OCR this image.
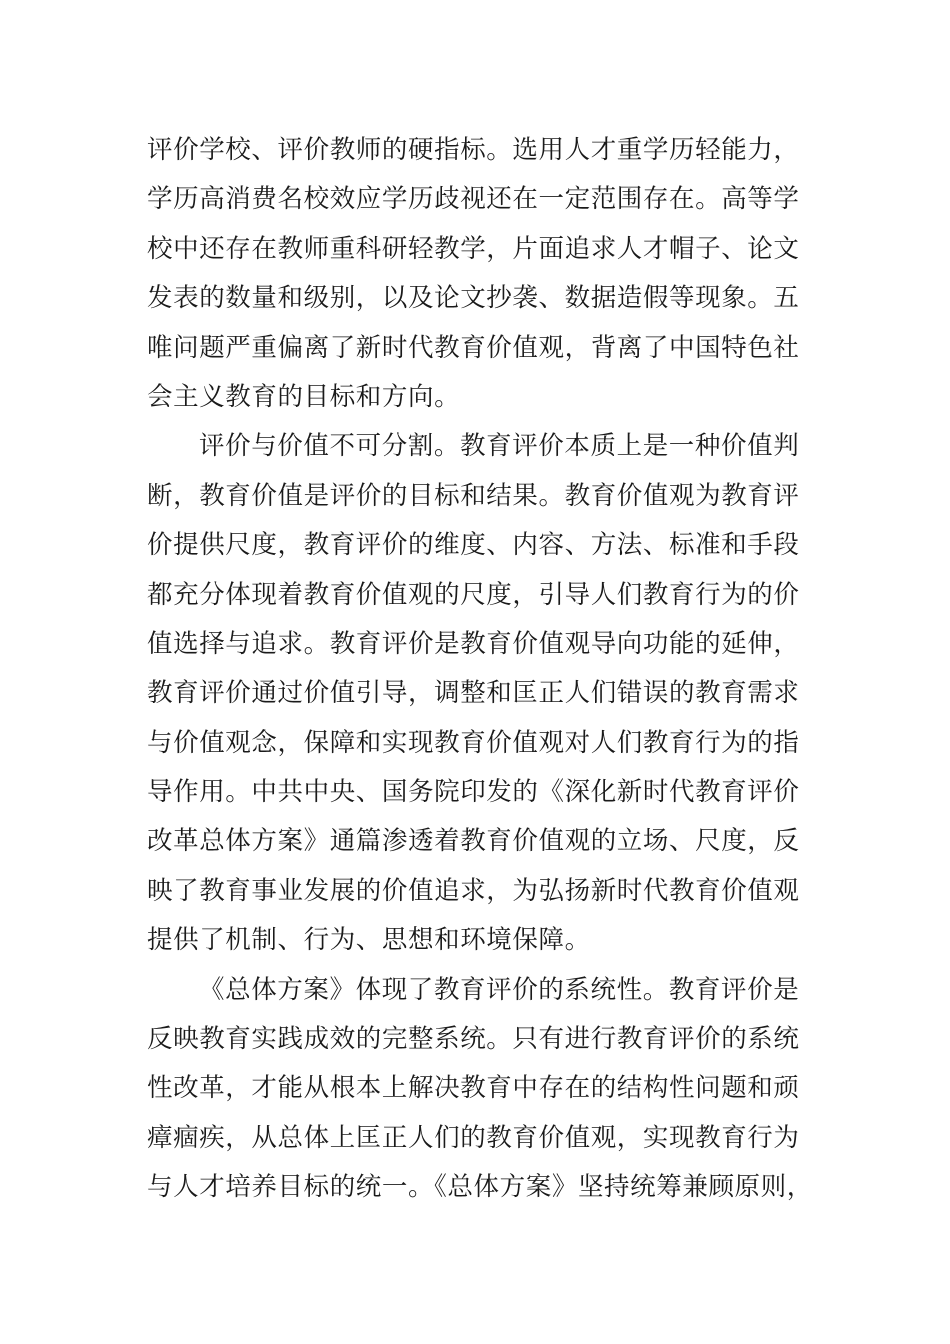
评价学校、评价教师的硬指标。选用人才重学历轻能力，
学历高消费名校效应学历歧视还在一定范围存在。高等学
校中还存在教师重科研轻教学，片面追求人才帽子、论文
发表的数量和级别，以及论文抄袭、数据造假等现象。五
唯问题严重偏离了新时代教育价值观，背离了中国特色社
会主义教育的目标和方向。
评价与价值不可分割。教育评价本质上是一种价值判
断，教育价值是评价的目标和结果。教育价值观为教育评
价提供尺度，教育评价的维度、内容、方法、标准和手段
都充分体现着教育价值观的尺度，引导人们教育行为的价
值选择与追求。教育评价是教育价值观导向功能的延伸，
教育评价通过价值引导，调整和匡正人们错误的教育需求
与价值观念，保障和实现教育价值观对人们教育行为的指
导作用。中共中央、国务院印发的《深化新时代教育评价
改革总体方案》通篇渗透着教育价值观的立场、尺度，反
映了教育事业发展的价值追求，为弘扬新时代教育价值观
提供了机制、行为、思想和环境保障。
《总体方案》体现了教育评价的系统性。教育评价是
反映教育实践成效的完整系统。只有进行教育评价的系统
性改革，才能从根本上解决教育中存在的结构性问题和顽
瘴痼疾，从总体上匡正人们的教育价值观，实现教育行为
与人才培养目标的统一。《总体方案》坚持统筹兼顾原则，
